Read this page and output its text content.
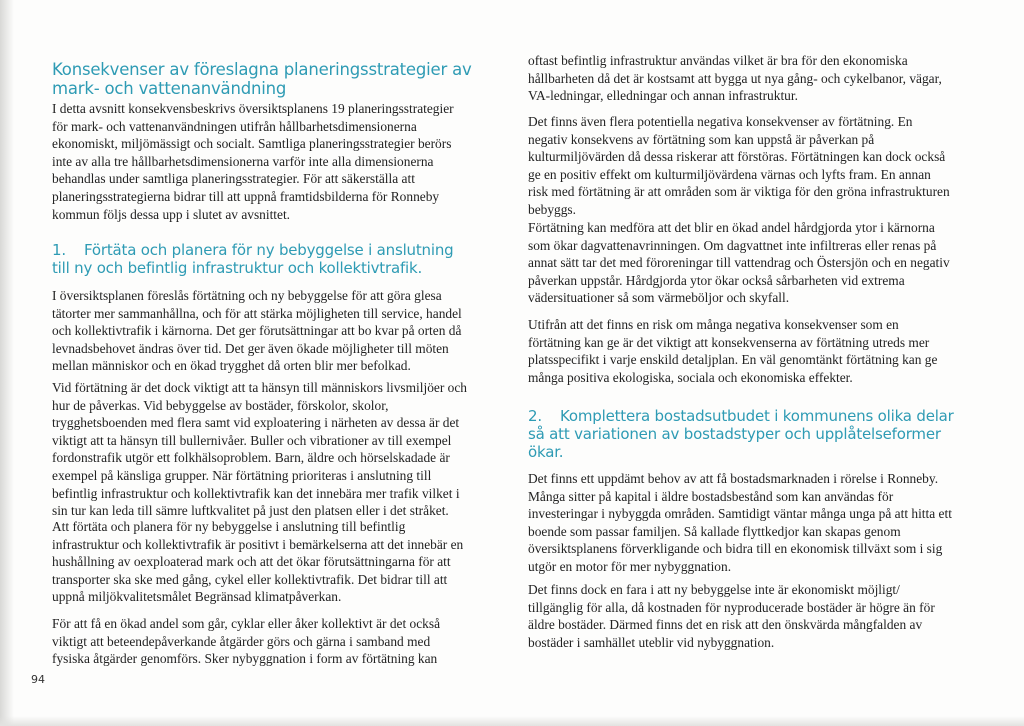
Konsekvenser av föreslagna planeringsstrategier av mark- och vattenanvändning

I detta avsnitt konsekvensbeskrivs översiktsplanens 19 planeringsstrategier för mark- och vattenanvändningen utifrån hållbarhetsdimensionerna ekonomiskt, miljömässigt och socialt. Samtliga planeringsstrategier berörs inte av alla tre hållbarhetsdimensionerna varför inte alla dimensionerna behandlas under samtliga planeringsstrategier. För att säkerställa att planeringsstrategierna bidrar till att uppnå framtidsbilderna för Ronneby kommun följs dessa upp i slutet av avsnittet.

1. Förtäta och planera för ny bebyggelse i anslutning till ny och befintlig infrastruktur och kollektivtrafik.

I översiktsplanen föreslås förtätning och ny bebyggelse för att göra glesa tätorter mer sammanhållna, och för att stärka möjligheten till service, handel och kollektivtrafik i kärnorna. Det ger förutsättningar att bo kvar på orten då levnadsbehovet ändras över tid. Det ger även ökade möjligheter till möten mellan människor och en ökad trygghet då orten blir mer befolkad.

Vid förtätning är det dock viktigt att ta hänsyn till människors livsmiljöer och hur de påverkas. Vid bebyggelse av bostäder, förskolor, skolor, trygghetsboenden med flera samt vid exploatering i närheten av dessa är det viktigt att ta hänsyn till bullernivåer. Buller och vibrationer av till exempel fordonstrafik utgör ett folkhälsoproblem. Barn, äldre och hörselskadade är exempel på känsliga grupper. När förtätning prioriteras i anslutning till befintlig infrastruktur och kollektivtrafik kan det innebära mer trafik vilket i sin tur kan leda till sämre luftkvalitet på just den platsen eller i det stråket.

Att förtäta och planera för ny bebyggelse i anslutning till befintlig infrastruktur och kollektivtrafik är positivt i bemärkelserna att det innebär en hushållning av oexploaterad mark och att det ökar förutsättningarna för att transporter ska ske med gång, cykel eller kollektivtrafik. Det bidrar till att uppnå miljökvalitetsmålet Begränsad klimatpåverkan.

För att få en ökad andel som går, cyklar eller åker kollektivt är det också viktigt att beteendepåverkande åtgärder görs och gärna i samband med fysiska åtgärder genomförs. Sker nybyggnation i form av förtätning kan

oftast befintlig infrastruktur användas vilket är bra för den ekonomiska hållbarheten då det är kostsamt att bygga ut nya gång- och cykelbanor, vägar, VA-ledningar, elledningar och annan infrastruktur.

Det finns även flera potentiella negativa konsekvenser av förtätning. En negativ konsekvens av förtätning som kan uppstå är påverkan på kulturmiljövärden då dessa riskerar att förstöras. Förtätningen kan dock också ge en positiv effekt om kulturmiljövärdena värnas och lyfts fram. En annan risk med förtätning är att områden som är viktiga för den gröna infrastrukturen bebyggs.

Förtätning kan medföra att det blir en ökad andel hårdgjorda ytor i kärnorna som ökar dagvattenavrinningen. Om dagvattnet inte infiltreras eller renas på annat sätt tar det med föroreningar till vattendrag och Östersjön och en negativ påverkan uppstår. Hårdgjorda ytor ökar också sårbarheten vid extrema vädersituationer så som värmeböljor och skyfall.

Utifrån att det finns en risk om många negativa konsekvenser som en förtätning kan ge är det viktigt att konsekvenserna av förtätning utreds mer platsspecifikt i varje enskild detaljplan. En väl genomtänkt förtätning kan ge många positiva ekologiska, sociala och ekonomiska effekter.

2. Komplettera bostadsutbudet i kommunens olika delar så att variationen av bostadstyper och upplåtelseformer ökar.

Det finns ett uppdämt behov av att få bostadsmarknaden i rörelse i Ronneby. Många sitter på kapital i äldre bostadsbestånd som kan användas för investeringar i nybyggda områden. Samtidigt väntar många unga på att hitta ett boende som passar familjen. Så kallade flyttkedjor kan skapas genom översiktsplanens förverkligande och bidra till en ekonomisk tillväxt som i sig utgör en motor för mer nybyggnation.

Det finns dock en fara i att ny bebyggelse inte är ekonomiskt möjligt/ tillgänglig för alla, då kostnaden för nyproducerade bostäder är högre än för äldre bostäder. Därmed finns det en risk att den önskvärda mångfalden av bostäder i samhället uteblir vid nybyggnation.

94
